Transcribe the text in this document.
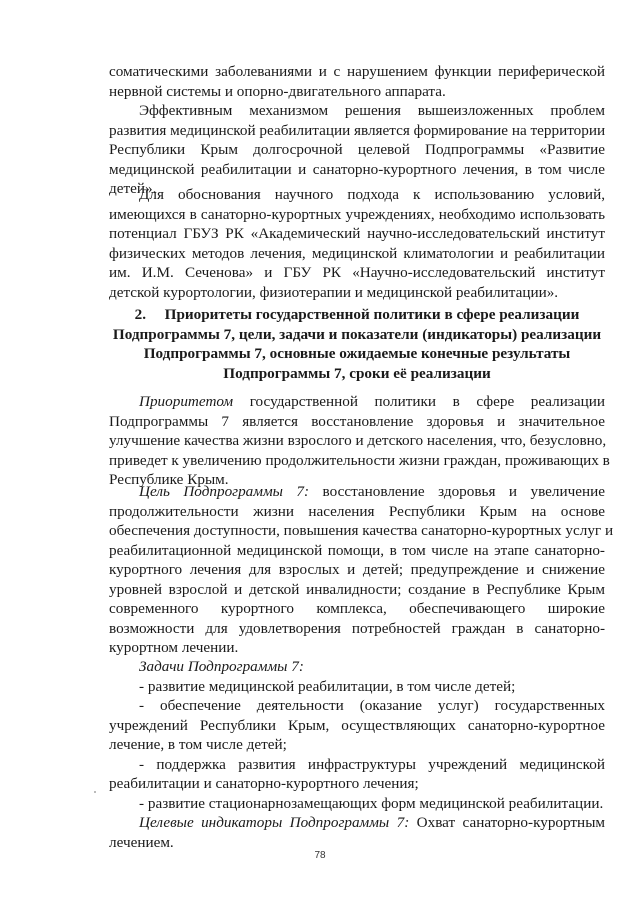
соматическими заболеваниями и с нарушением функции периферической
нервной системы и опорно-двигательного аппарата.
Эффективным механизмом решения вышеизложенных проблем
развития медицинской реабилитации является формирование на территории
Республики Крым долгосрочной целевой Подпрограммы «Развитие
медицинской реабилитации и санаторно-курортного лечения, в том числе
детей».
Для обоснования научного подхода к использованию условий,
имеющихся в санаторно-курортных учреждениях, необходимо использовать
потенциал ГБУЗ РК «Академический научно-исследовательский институт
физических методов лечения, медицинской климатологии и реабилитации
им. И.М. Сеченова» и ГБУ РК «Научно-исследовательский институт
детской курортологии, физиотерапии и медицинской реабилитации».
2. Приоритеты государственной политики в сфере реализации
Подпрограммы 7, цели, задачи и показатели (индикаторы) реализации
Подпрограммы 7, основные ожидаемые конечные результаты
Подпрограммы 7, сроки её реализации
Приоритетом государственной политики в сфере реализации
Подпрограммы 7 является восстановление здоровья и значительное
улучшение качества жизни взрослого и детского населения, что, безусловно,
приведет к увеличению продолжительности жизни граждан, проживающих в
Республике Крым.
Цель Подпрограммы 7: восстановление здоровья и увеличение
продолжительности жизни населения Республики Крым на основе
обеспечения доступности, повышения качества санаторно-курортных услуг и
реабилитационной медицинской помощи, в том числе на этапе санаторно-
курортного лечения для взрослых и детей; предупреждение и снижение
уровней взрослой и детской инвалидности; создание в Республике Крым
современного курортного комплекса, обеспечивающего широкие
возможности для удовлетворения потребностей граждан в санаторно-
курортном лечении.
Задачи Подпрограммы 7:
- развитие медицинской реабилитации, в том числе детей;
- обеспечение деятельности (оказание услуг) государственных
учреждений Республики Крым, осуществляющих санаторно-курортное
лечение, в том числе детей;
- поддержка развития инфраструктуры учреждений медицинской
реабилитации и санаторно-курортного лечения;
- развитие стационарнозамещающих форм медицинской реабилитации.
Целевые индикаторы Подпрограммы 7: Охват санаторно-курортным
лечением.
78
